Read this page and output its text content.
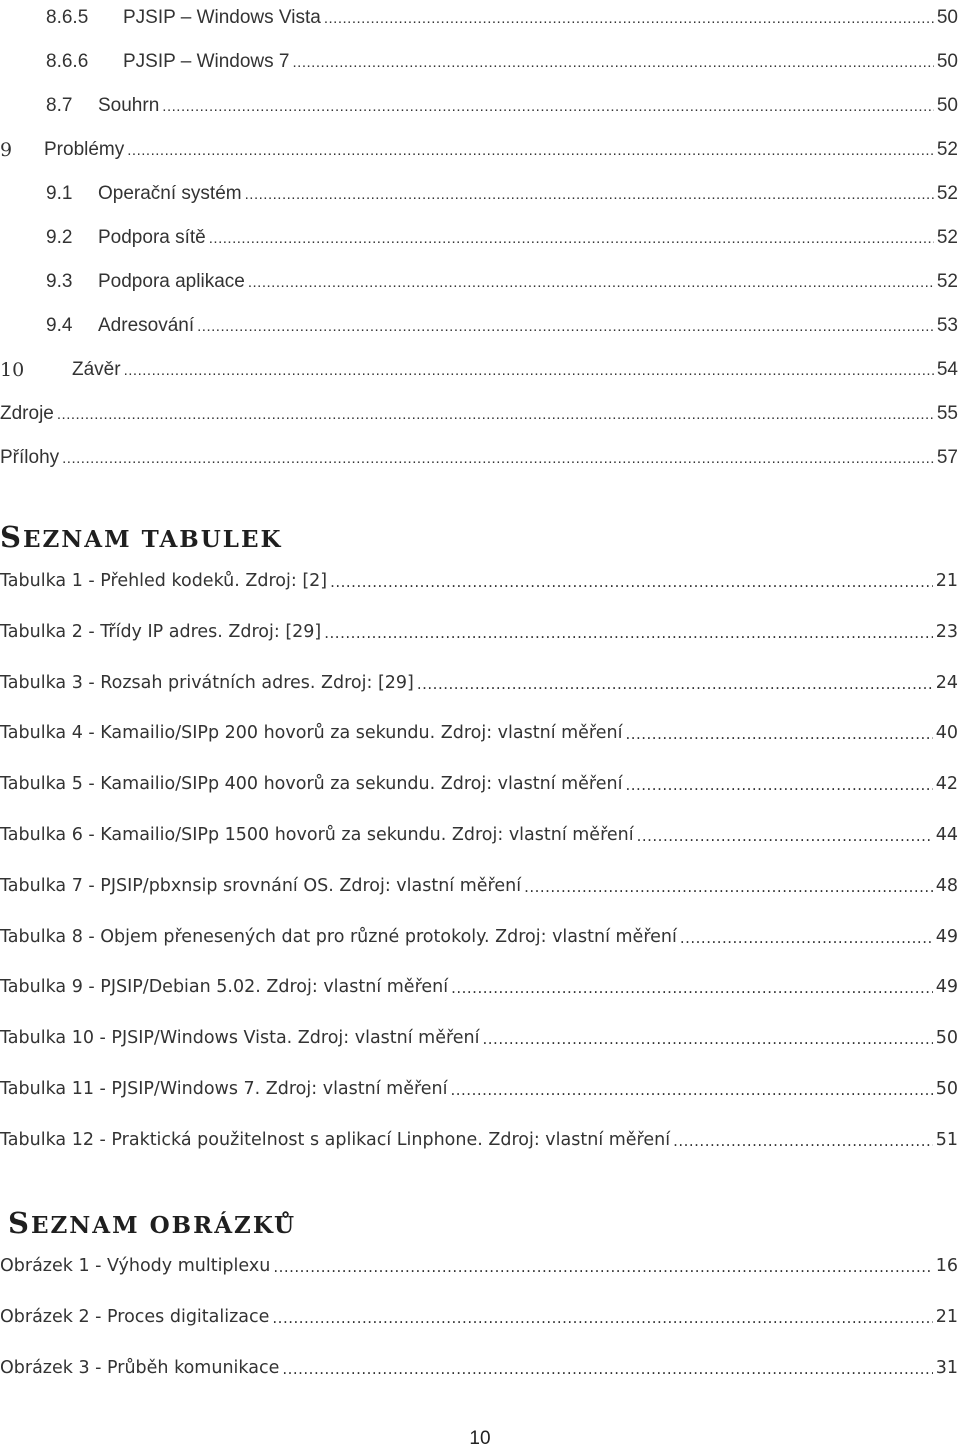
8.6.5	PJSIP – Windows Vista .....	50
8.6.6	PJSIP – Windows 7 .....	50
8.7	Souhrn .....	50
9	Problémy .....	52
9.1	Operační systém .....	52
9.2	Podpora sítě .....	52
9.3	Podpora aplikace .....	52
9.4	Adresování .....	53
10	Závěr .....	54
Zdroje .....	55
Přílohy .....	57
SEZNAM TABULEK
Tabulka 1 - Přehled kodeků. Zdroj: [2] .....	21
Tabulka 2 - Třídy IP adres. Zdroj: [29] .....	23
Tabulka 3 - Rozsah privátních adres. Zdroj: [29] .....	24
Tabulka 4 - Kamailio/SIPp 200 hovorů za sekundu. Zdroj: vlastní měření .....	40
Tabulka 5 - Kamailio/SIPp 400 hovorů za sekundu. Zdroj: vlastní měření .....	42
Tabulka 6 - Kamailio/SIPp 1500 hovorů za sekundu. Zdroj: vlastní měření .....	44
Tabulka 7 - PJSIP/pbxnsip srovnání OS. Zdroj: vlastní měření .....	48
Tabulka 8 - Objem přenesených dat pro různé protokoly. Zdroj: vlastní měření .....	49
Tabulka 9 - PJSIP/Debian 5.02. Zdroj: vlastní měření .....	49
Tabulka 10 - PJSIP/Windows Vista. Zdroj: vlastní měření .....	50
Tabulka 11 - PJSIP/Windows 7. Zdroj: vlastní měření .....	50
Tabulka 12 - Praktická použitelnost s aplikací Linphone. Zdroj: vlastní měření .....	51
SEZNAM OBRÁZKŮ
Obrázek 1 - Výhody multiplexu .....	16
Obrázek 2 - Proces digitalizace .....	21
Obrázek 3 - Průběh komunikace .....	31
10
